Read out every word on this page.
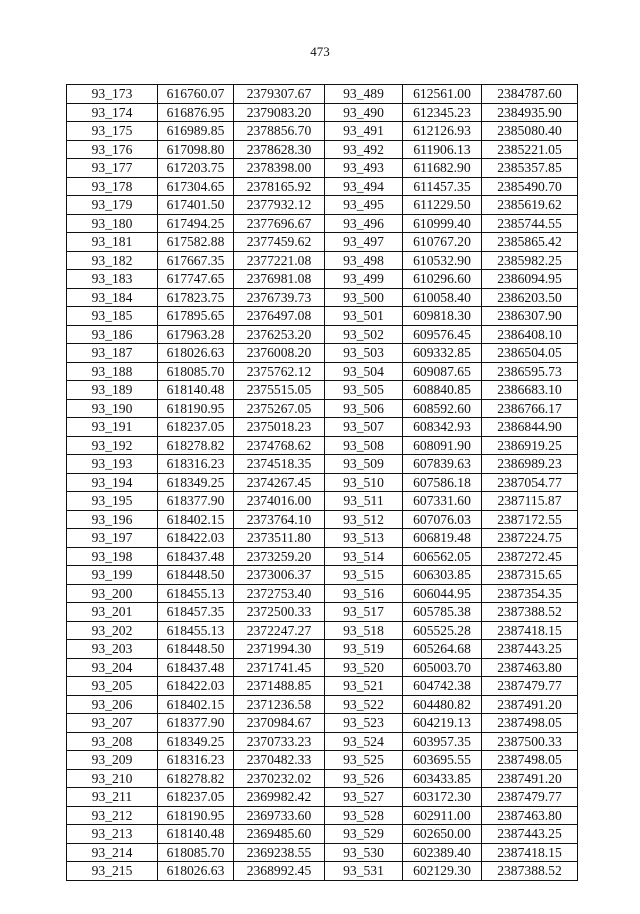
473
93_173	616760.07	2379307.67	93_489	612561.00	2384787.60
93_174	616876.95	2379083.20	93_490	612345.23	2384935.90
93_175	616989.85	2378856.70	93_491	612126.93	2385080.40
93_176	617098.80	2378628.30	93_492	611906.13	2385221.05
93_177	617203.75	2378398.00	93_493	611682.90	2385357.85
93_178	617304.65	2378165.92	93_494	611457.35	2385490.70
93_179	617401.50	2377932.12	93_495	611229.50	2385619.62
93_180	617494.25	2377696.67	93_496	610999.40	2385744.55
93_181	617582.88	2377459.62	93_497	610767.20	2385865.42
93_182	617667.35	2377221.08	93_498	610532.90	2385982.25
93_183	617747.65	2376981.08	93_499	610296.60	2386094.95
93_184	617823.75	2376739.73	93_500	610058.40	2386203.50
93_185	617895.65	2376497.08	93_501	609818.30	2386307.90
93_186	617963.28	2376253.20	93_502	609576.45	2386408.10
93_187	618026.63	2376008.20	93_503	609332.85	2386504.05
93_188	618085.70	2375762.12	93_504	609087.65	2386595.73
93_189	618140.48	2375515.05	93_505	608840.85	2386683.10
93_190	618190.95	2375267.05	93_506	608592.60	2386766.17
93_191	618237.05	2375018.23	93_507	608342.93	2386844.90
93_192	618278.82	2374768.62	93_508	608091.90	2386919.25
93_193	618316.23	2374518.35	93_509	607839.63	2386989.23
93_194	618349.25	2374267.45	93_510	607586.18	2387054.77
93_195	618377.90	2374016.00	93_511	607331.60	2387115.87
93_196	618402.15	2373764.10	93_512	607076.03	2387172.55
93_197	618422.03	2373511.80	93_513	606819.48	2387224.75
93_198	618437.48	2373259.20	93_514	606562.05	2387272.45
93_199	618448.50	2373006.37	93_515	606303.85	2387315.65
93_200	618455.13	2372753.40	93_516	606044.95	2387354.35
93_201	618457.35	2372500.33	93_517	605785.38	2387388.52
93_202	618455.13	2372247.27	93_518	605525.28	2387418.15
93_203	618448.50	2371994.30	93_519	605264.68	2387443.25
93_204	618437.48	2371741.45	93_520	605003.70	2387463.80
93_205	618422.03	2371488.85	93_521	604742.38	2387479.77
93_206	618402.15	2371236.58	93_522	604480.82	2387491.20
93_207	618377.90	2370984.67	93_523	604219.13	2387498.05
93_208	618349.25	2370733.23	93_524	603957.35	2387500.33
93_209	618316.23	2370482.33	93_525	603695.55	2387498.05
93_210	618278.82	2370232.02	93_526	603433.85	2387491.20
93_211	618237.05	2369982.42	93_527	603172.30	2387479.77
93_212	618190.95	2369733.60	93_528	602911.00	2387463.80
93_213	618140.48	2369485.60	93_529	602650.00	2387443.25
93_214	618085.70	2369238.55	93_530	602389.40	2387418.15
93_215	618026.63	2368992.45	93_531	602129.30	2387388.52
